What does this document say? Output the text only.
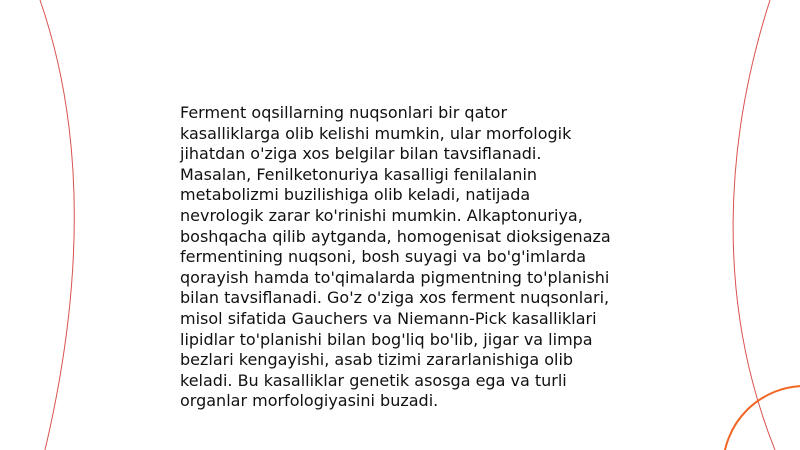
Ferment oqsillarning nuqsonlari bir qator
kasalliklarga olib kelishi mumkin, ular morfologik
jihatdan o'ziga xos belgilar bilan tavsiflanadi.
Masalan, Fenilketonuriya kasalligi fenilalanin
metabolizmi buzilishiga olib keladi, natijada
nevrologik zarar ko'rinishi mumkin. Alkaptonuriya,
boshqacha qilib aytganda, homogenisat dioksigenaza
fermentining nuqsoni, bosh suyagi va bo'g'imlarda
qorayish hamda to'qimalarda pigmentning to'planishi
bilan tavsiflanadi. Go'z o'ziga xos ferment nuqsonlari,
misol sifatida Gauchers va Niemann-Pick kasalliklari
lipidlar to'planishi bilan bog'liq bo'lib, jigar va limpa
bezlari kengayishi, asab tizimi zararlanishiga olib
keladi. Bu kasalliklar genetik asosga ega va turli
organlar morfologiyasini buzadi.
